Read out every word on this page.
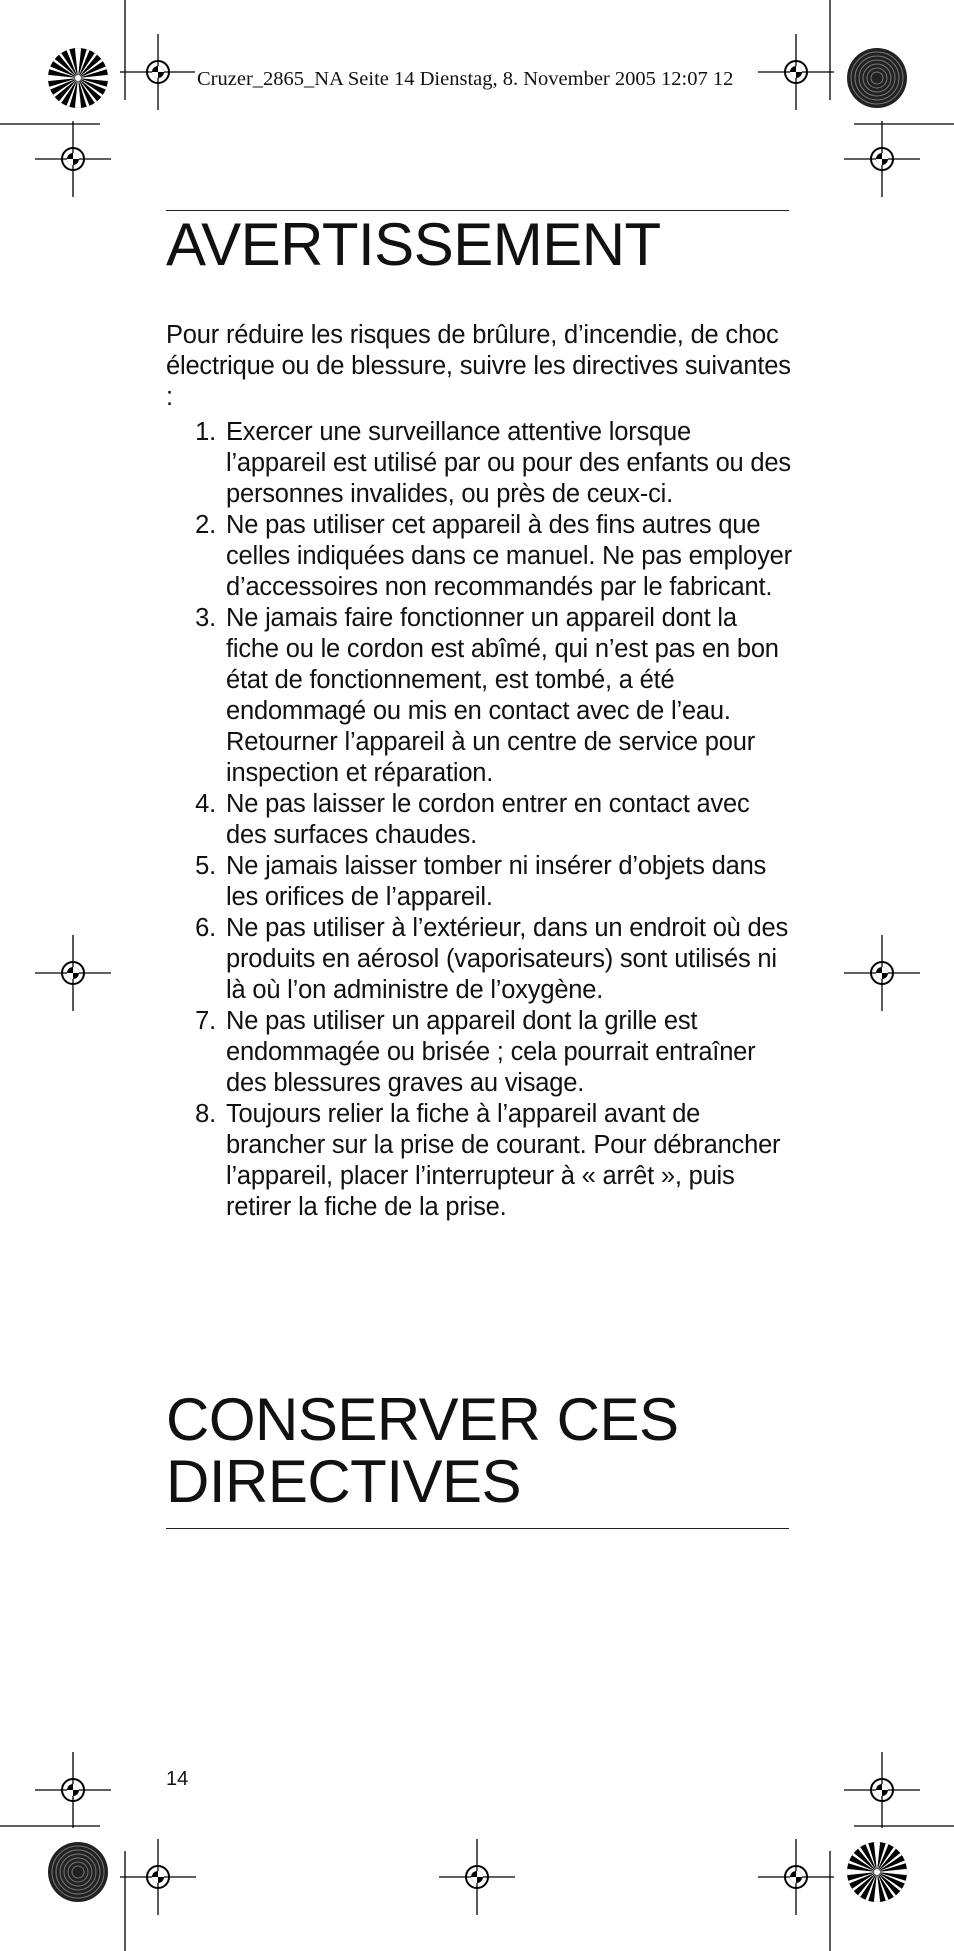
Cruzer_2865_NA Seite 14 Dienstag, 8. November 2005 12:07 12
AVERTISSEMENT

Pour réduire les risques de brûlure, d’incendie, de choc électrique ou de blessure, suivre les directives suivantes :

1. Exercer une surveillance attentive lorsque l’appareil est utilisé par ou pour des enfants ou des personnes invalides, ou près de ceux-ci.
2. Ne pas utiliser cet appareil à des fins autres que celles indiquées dans ce manuel. Ne pas employer d’accessoires non recommandés par le fabricant.
3. Ne jamais faire fonctionner un appareil dont la fiche ou le cordon est abîmé, qui n’est pas en bon état de fonctionnement, est tombé, a été endommagé ou mis en contact avec de l’eau. Retourner l’appareil à un centre de service pour inspection et réparation.
4. Ne pas laisser le cordon entrer en contact avec des surfaces chaudes.
5. Ne jamais laisser tomber ni insérer d’objets dans les orifices de l’appareil.
6. Ne pas utiliser à l’extérieur, dans un endroit où des produits en aérosol (vaporisateurs) sont utilisés ni là où l’on administre de l’oxygène.
7. Ne pas utiliser un appareil dont la grille est endommagée ou brisée ; cela pourrait entraîner des blessures graves au visage.
8. Toujours relier la fiche à l’appareil avant de brancher sur la prise de courant. Pour débrancher l’appareil, placer l’interrupteur à « arrêt », puis retirer la fiche de la prise.
CONSERVER CES
DIRECTIVES
14
